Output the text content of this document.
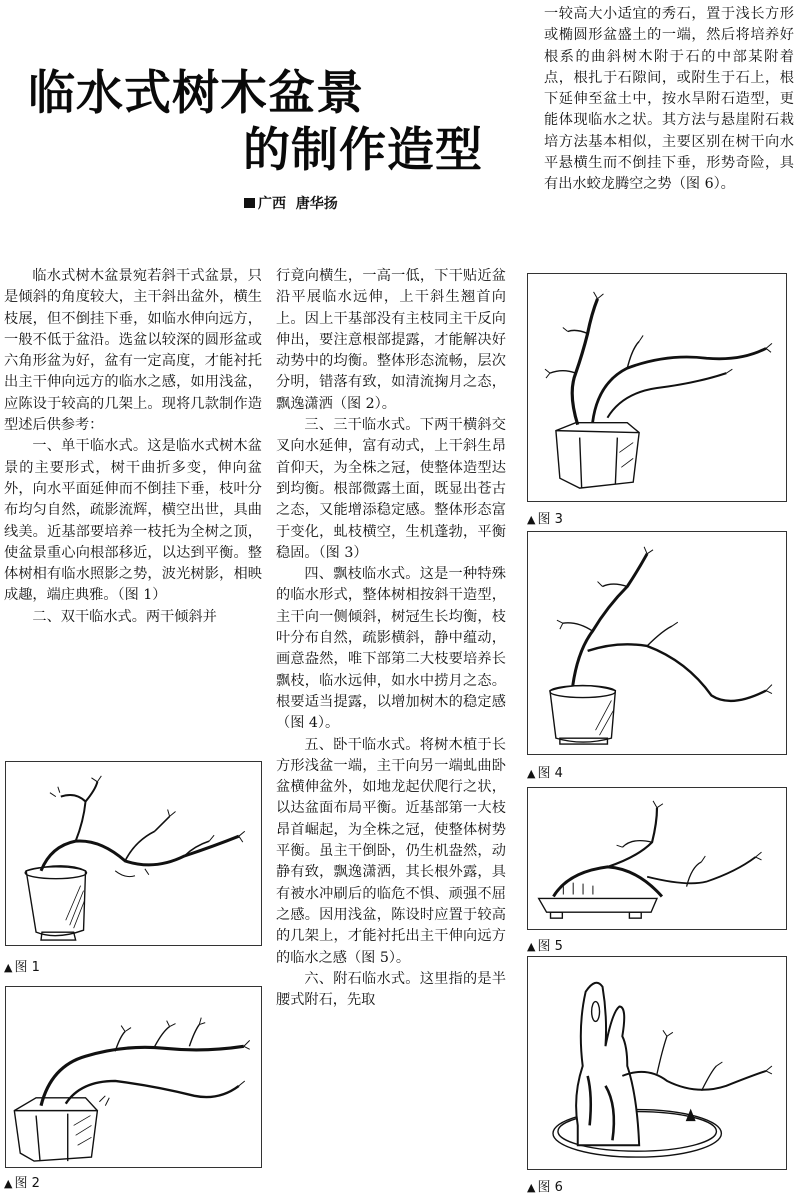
临水式树木盆景
的制作造型
广西 唐华扬

一较高大小适宜的秀石，置于浅长方形或椭圆形盆盛土的一端，然后将培养好根系的曲斜树木附于石的中部某附着点，根扎于石隙间，或附生于石上，根下延伸至盆土中，按水旱附石造型，更能体现临水之状。其方法与悬崖附石栽培方法基本相似，主要区别在树干向水平悬横生而不倒挂下垂，形势奇险，具有出水蛟龙腾空之势（图 6）。

临水式树木盆景宛若斜干式盆景，只是倾斜的角度较大，主干斜出盆外，横生枝展，但不倒挂下垂，如临水伸向远方，一般不低于盆沿。选盆以较深的圆形盆或六角形盆为好，盆有一定高度，才能衬托出主干伸向远方的临水之感，如用浅盆，应陈设于较高的几架上。现将几款制作造型述后供参考：

一、单干临水式。这是临水式树木盆景的主要形式，树干曲折多变，伸向盆外，向水平面延伸而不倒挂下垂，枝叶分布均匀自然，疏影流辉，横空出世，具曲线美。近基部要培养一枝托为全树之顶，使盆景重心向根部移近，以达到平衡。整体树相有临水照影之势，波光树影，相映成趣，端庄典雅。（图 1）

二、双干临水式。两干倾斜并

行竟向横生，一高一低，下干贴近盆沿平展临水远伸，上干斜生翘首向上。因上干基部没有主枝同主干反向伸出，要注意根部提露，才能解决好动势中的均衡。整体形态流畅，层次分明，错落有致，如清流掬月之态，飘逸潇洒（图 2）。

三、三干临水式。下两干横斜交叉向水延伸，富有动式，上干斜生昂首仰天，为全株之冠，使整体造型达到均衡。根部微露土面，既显出苍古之态，又能增添稳定感。整体形态富于变化，虬枝横空，生机蓬勃，平衡稳固。（图 3）

四、飘枝临水式。这是一种特殊的临水形式，整体树相按斜干造型，主干向一侧倾斜，树冠生长均衡，枝叶分布自然，疏影横斜，静中蕴动，画意盎然，唯下部第二大枝要培养长飘枝，临水远伸，如水中捞月之态。根要适当提露，以增加树木的稳定感（图 4）。

五、卧干临水式。将树木植于长方形浅盆一端，主干向另一端虬曲卧盆横伸盆外，如地龙起伏爬行之状，以达盆面布局平衡。近基部第一大枝昂首崛起，为全株之冠，使整体树势平衡。虽主干倒卧，仍生机盎然，动静有致，飘逸潇洒，其长根外露，具有被水冲刷后的临危不惧、顽强不屈之感。因用浅盆，陈设时应置于较高的几架上，才能衬托出主干伸向远方的临水之感（图 5）。

六、附石临水式。这里指的是半腰式附石，先取

▲ 图 1
▲ 图 2
▲ 图 3
▲ 图 4
▲ 图 5
▲ 图 6
